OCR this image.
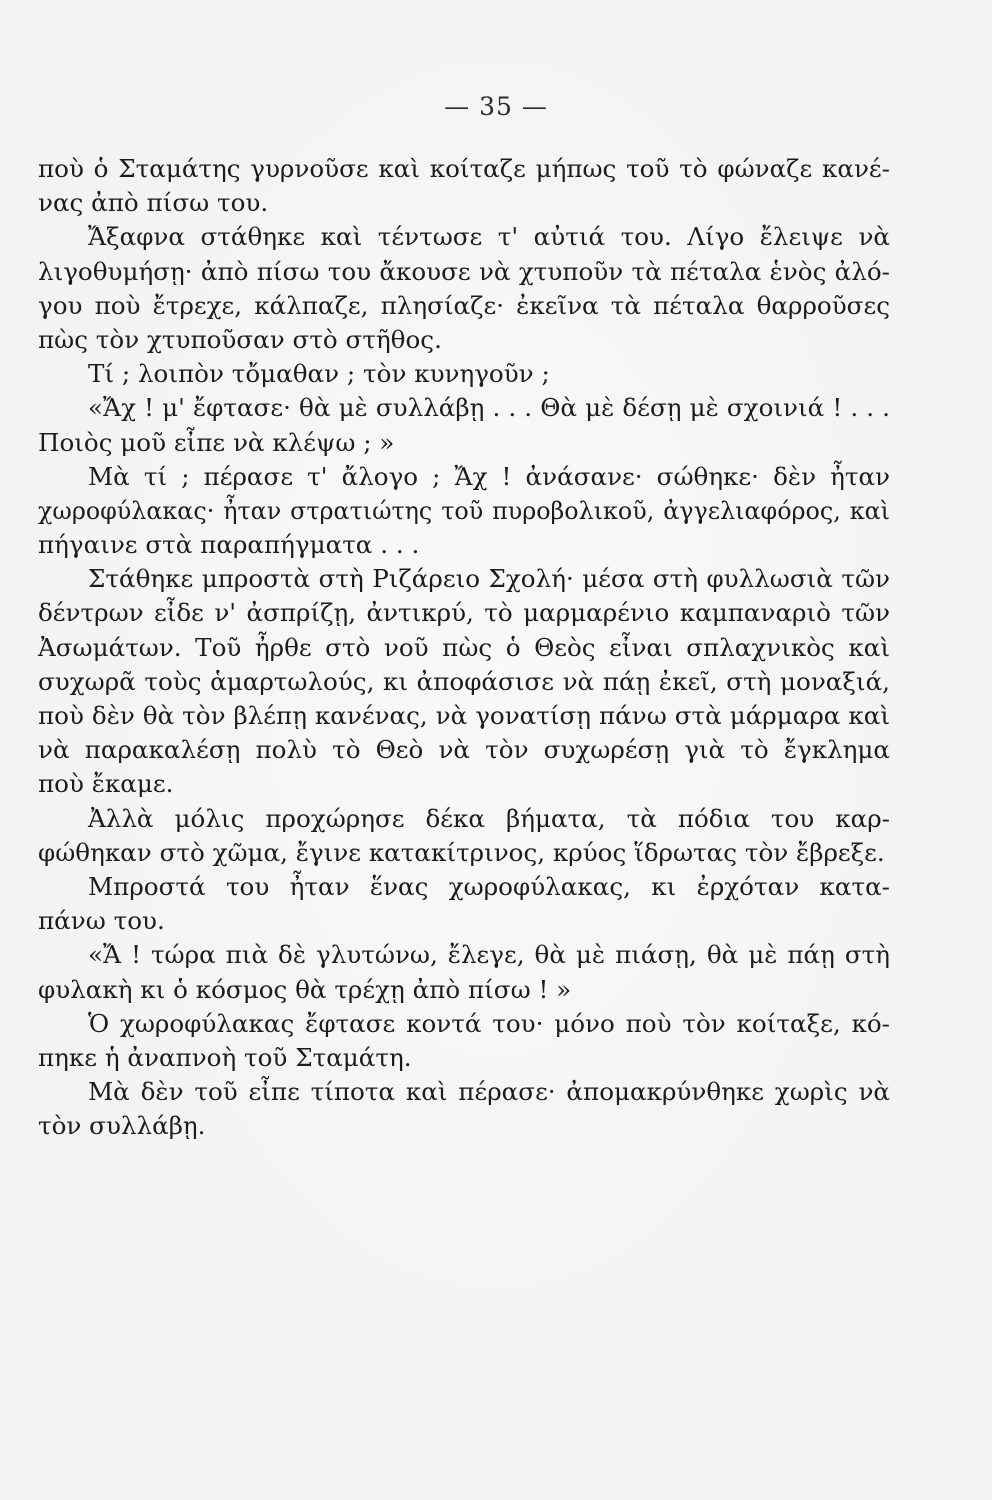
— 35 —
ποὺ ὁ Σταμάτης γυρνοῦσε καὶ κοίταζε μήπως τοῦ τὸ φώναζε κανέ-
νας ἀπὸ πίσω του.
Ἄξαφνα στάθηκε καὶ τέντωσε τ' αὐτιά του. Λίγο ἔλειψε νὰ
λιγοθυμήσῃ· ἀπὸ πίσω του ἄκουσε νὰ χτυποῦν τὰ πέταλα ἑνὸς ἀλό-
γου ποὺ ἔτρεχε, κάλπαζε, πλησίαζε· ἐκεῖνα τὰ πέταλα θαρροῦσες
πὼς τὸν χτυποῦσαν στὸ στῆθος.
Τί ; λοιπὸν τὄμαθαν ; τὸν κυνηγοῦν ;
«Ἄχ ! μ' ἔφτασε· θὰ μὲ συλλάβῃ . . . Θὰ μὲ δέσῃ μὲ σχοινιά ! . . .
Ποιὸς μοῦ εἶπε νὰ κλέψω ; »
Μὰ τί ; πέρασε τ' ἄλογο ; Ἄχ ! ἀνάσανε· σώθηκε· δὲν ἦταν
χωροφύλακας· ἦταν στρατιώτης τοῦ πυροβολικοῦ, ἀγγελιαφόρος, καὶ
πήγαινε στὰ παραπήγματα . . .
Στάθηκε μπροστὰ στὴ Ριζάρειο Σχολή· μέσα στὴ φυλλωσιὰ τῶν
δέντρων εἶδε ν' ἀσπρίζῃ, ἀντικρύ, τὸ μαρμαρένιο καμπαναριὸ τῶν
Ἀσωμάτων. Τοῦ ἦρθε στὸ νοῦ πὼς ὁ Θεὸς εἶναι σπλαχνικὸς καὶ
συχωρᾶ τοὺς ἁμαρτωλούς, κι ἀποφάσισε νὰ πάῃ ἐκεῖ, στὴ μοναξιά,
ποὺ δὲν θὰ τὸν βλέπῃ κανένας, νὰ γονατίσῃ πάνω στὰ μάρμαρα καὶ
νὰ παρακαλέσῃ πολὺ τὸ Θεὸ νὰ τὸν συχωρέσῃ γιὰ τὸ ἔγκλημα
ποὺ ἔκαμε.
Ἀλλὰ μόλις προχώρησε δέκα βήματα, τὰ πόδια του καρ-
φώθηκαν στὸ χῶμα, ἔγινε κατακίτρινος, κρύος ἵδρωτας τὸν ἔβρεξε.
Μπροστά του ἦταν ἕνας χωροφύλακας, κι ἐρχόταν κατα-
πάνω του.
«Ἄ ! τώρα πιὰ δὲ γλυτώνω, ἔλεγε, θὰ μὲ πιάσῃ, θὰ μὲ πάῃ στὴ
φυλακὴ κι ὁ κόσμος θὰ τρέχῃ ἀπὸ πίσω ! »
Ὁ χωροφύλακας ἔφτασε κοντά του· μόνο ποὺ τὸν κοίταξε, κό-
πηκε ἡ ἀναπνοὴ τοῦ Σταμάτη.
Μὰ δὲν τοῦ εἶπε τίποτα καὶ πέρασε· ἀπομακρύνθηκε χωρὶς νὰ
τὸν συλλάβῃ.
